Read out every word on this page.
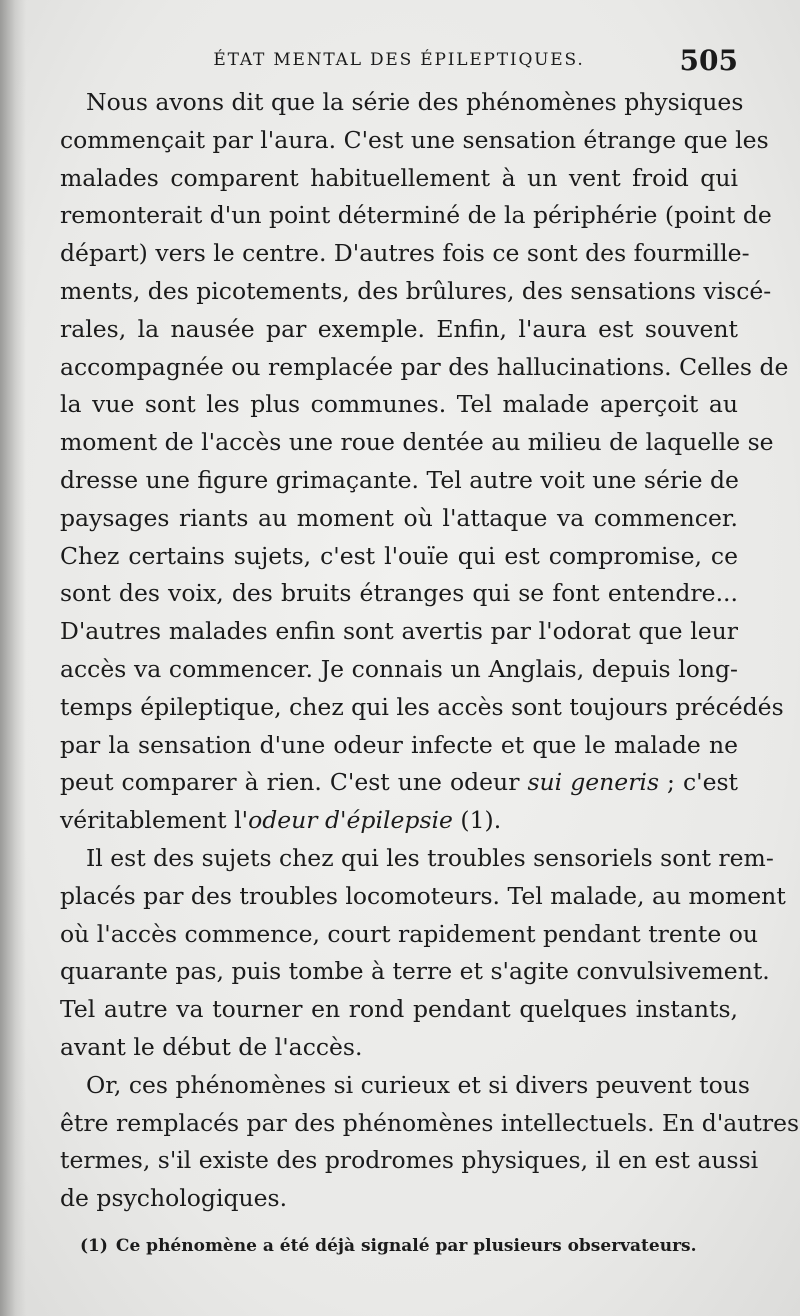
ÉTAT MENTAL DES ÉPILEPTIQUES.	505
Nous avons dit que la série des phénomènes physiques
commençait par l'aura. C'est une sensation étrange que les
malades comparent habituellement à un vent froid qui
remonterait d'un point déterminé de la périphérie (point de
départ) vers le centre. D'autres fois ce sont des fourmille-
ments, des picotements, des brûlures, des sensations viscé-
rales, la nausée par exemple. Enfin, l'aura est souvent
accompagnée ou remplacée par des hallucinations. Celles de
la vue sont les plus communes. Tel malade aperçoit au
moment de l'accès une roue dentée au milieu de laquelle se
dresse une figure grimaçante. Tel autre voit une série de
paysages riants au moment où l'attaque va commencer.
Chez certains sujets, c'est l'ouïe qui est compromise, ce
sont des voix, des bruits étranges qui se font entendre...
D'autres malades enfin sont avertis par l'odorat que leur
accès va commencer. Je connais un Anglais, depuis long-
temps épileptique, chez qui les accès sont toujours précédés
par la sensation d'une odeur infecte et que le malade ne
peut comparer à rien. C'est une odeur sui generis ; c'est
véritablement l'odeur d'épilepsie (1).
Il est des sujets chez qui les troubles sensoriels sont rem-
placés par des troubles locomoteurs. Tel malade, au moment
où l'accès commence, court rapidement pendant trente ou
quarante pas, puis tombe à terre et s'agite convulsivement.
Tel autre va tourner en rond pendant quelques instants,
avant le début de l'accès.
Or, ces phénomènes si curieux et si divers peuvent tous
être remplacés par des phénomènes intellectuels. En d'autres
termes, s'il existe des prodromes physiques, il en est aussi
de psychologiques.
(1) Ce phénomène a été déjà signalé par plusieurs observateurs.
